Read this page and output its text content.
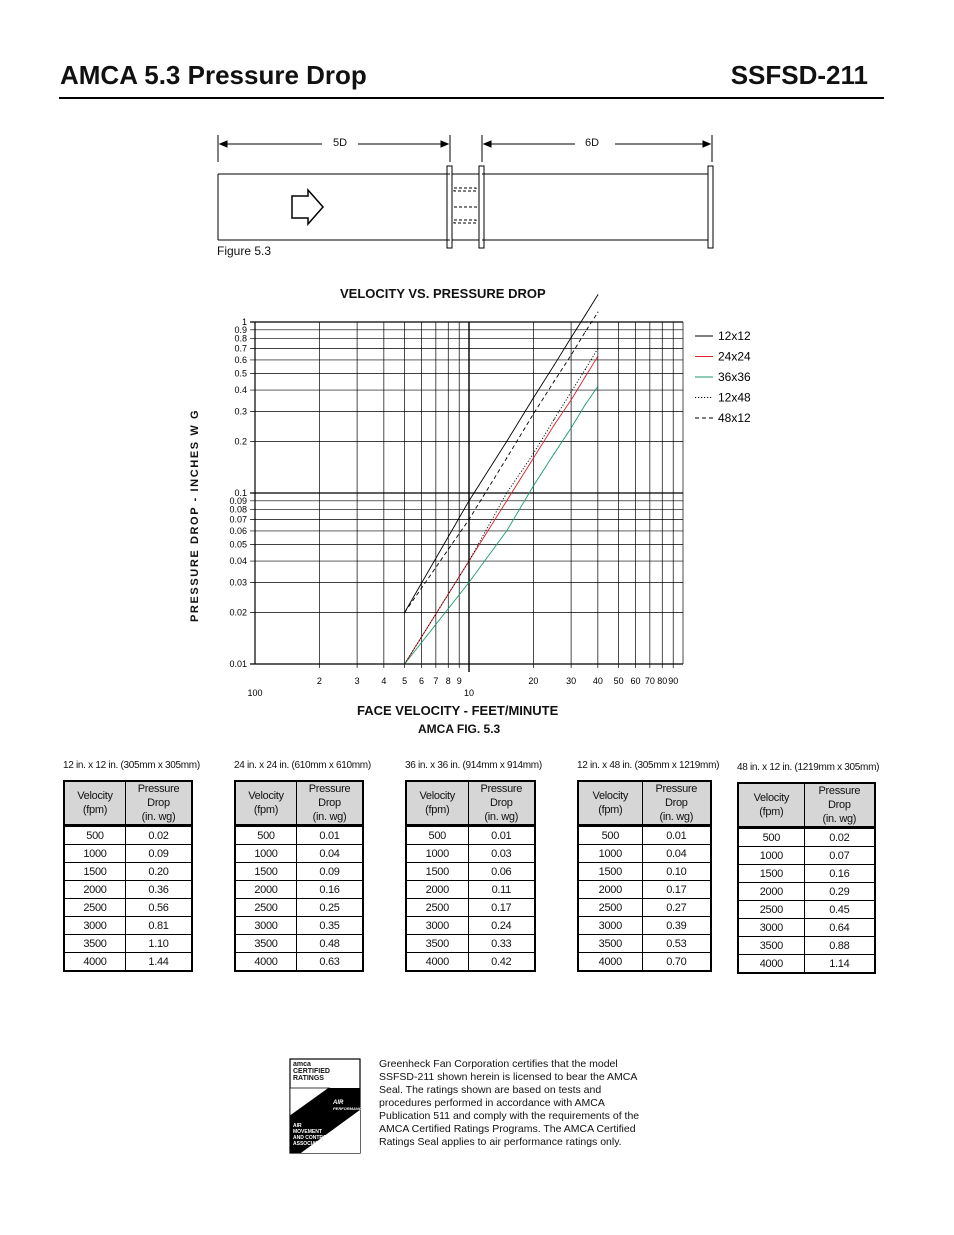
AMCA 5.3 Pressure Drop	SSFSD-211
5D	6D
Figure 5.3
VELOCITY VS. PRESSURE DROP
0.01
0.02
0.03
0.04
0.05
0.06
0.07
0.08
0.09
0.1
0.2
0.3
0.4
0.5
0.6
0.7
0.8
0.9
1
2	3 4 5 6 7 8 9	20	30 40 50 60 70 80 90
100	10
12x12
24x24
36x36
12x48
48x12
FACE VELOCITY - FEET/MINUTE
AMCA FIG. 5.3
PRESSURE DROP - INCHES W G
12 in. x 12 in. (305mm x 305mm)
Velocity (fpm)	Pressure Drop
(in. wg)
500	0.02
1000	0.09
1500	0.20
2000	0.36
2500	0.56
3000	0.81
3500	1.10
4000	1.44
24 in. x 24 in. (610mm x 610mm)
Velocity (fpm)	Pressure Drop
(in. wg)
500	0.01
1000	0.04
1500	0.09
2000	0.16
2500	0.25
3000	0.35
3500	0.48
4000	0.63
36 in. x 36 in. (914mm x 914mm)
Velocity (fpm)	Pressure Drop
(in. wg)
500	0.01
1000	0.03
1500	0.06
2000	0.11
2500	0.17
3000	0.24
3500	0.33
4000	0.42
12 in. x 48 in. (305mm x 1219mm)
Velocity (fpm)	Pressure Drop
(in. wg)
500	0.01
1000	0.04
1500	0.10
2000	0.17
2500	0.27
3000	0.39
3500	0.53
4000	0.70
48 in. x 12 in. (1219mm x 305mm)
Velocity (fpm)	Pressure Drop
(in. wg)
500	0.02
1000	0.07
1500	0.16
2000	0.29
2500	0.45
3000	0.64
3500	0.88
4000	1.14
amca
CERTIFIED
RATINGS
AIR
PERFORMANCE
AIR
MOVEMENT
AND CONTROL
ASSOCIATION, INC.
Greenheck Fan Corporation certifies that the model SSFSD-211 shown herein is licensed to bear the AMCA Seal. The ratings shown are based on tests and procedures performed in accordance with AMCA Publication 511 and comply with the requirements of the AMCA Certified Ratings Programs. The AMCA Certified Ratings Seal applies to air performance ratings only.
